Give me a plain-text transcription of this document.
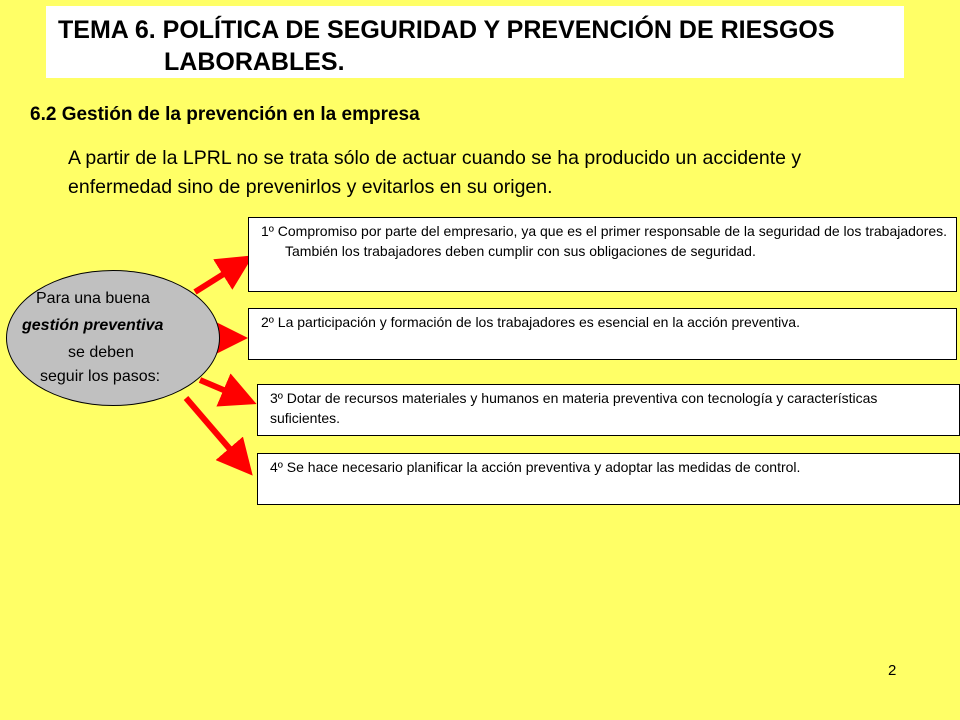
TEMA 6. POLÍTICA DE SEGURIDAD Y PREVENCIÓN DE RIESGOS
LABORABLES.
6.2 Gestión de la prevención en la empresa
A partir de la LPRL no se trata sólo de actuar cuando se ha producido un accidente y enfermedad sino de prevenirlos y evitarlos en su origen.
Para una buena
gestión preventiva
se deben
seguir los pasos:

1º Compromiso por parte del empresario, ya que es el primer responsable de la seguridad de los trabajadores. También los trabajadores deben cumplir con sus obligaciones de seguridad.

2º La participación y formación de los trabajadores es esencial en la acción preventiva.

3º Dotar de recursos materiales y humanos en materia preventiva con tecnología y características suficientes.

4º Se hace necesario planificar la acción preventiva y adoptar las medidas de control.

2
